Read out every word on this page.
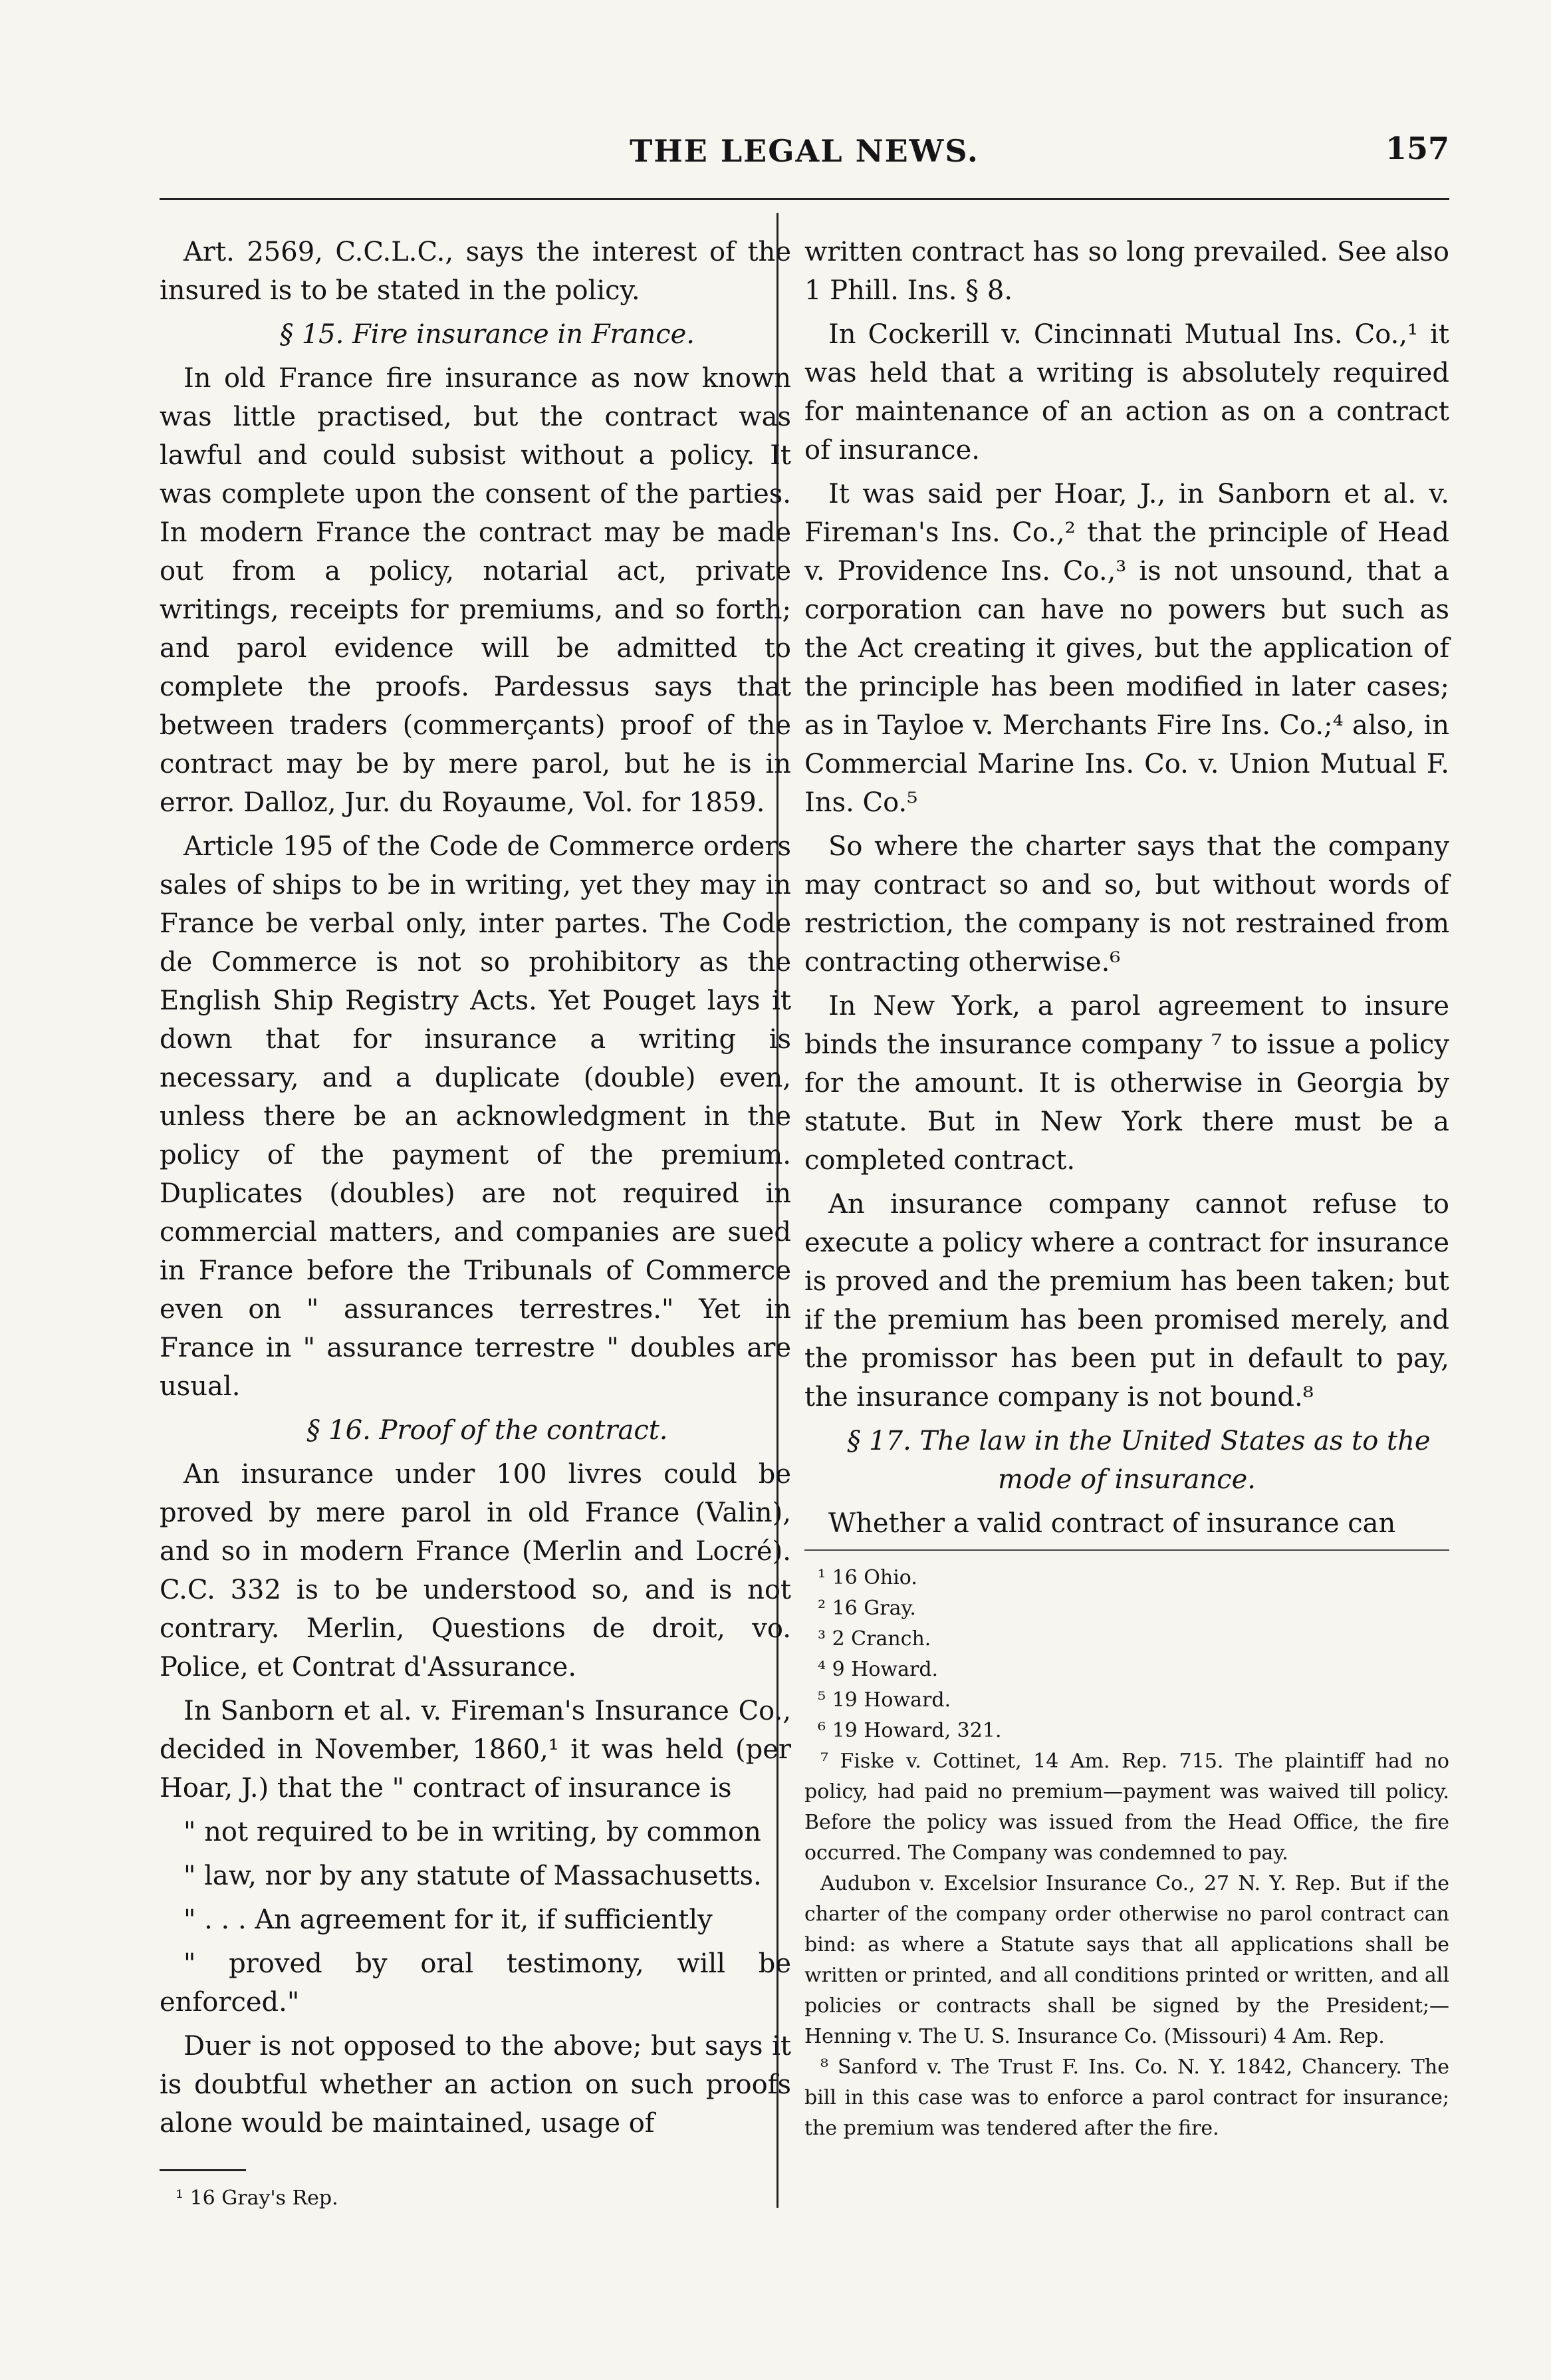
THE LEGAL NEWS.	157

Art. 2569, C.C.L.C., says the interest of the insured is to be stated in the policy.

§ 15. Fire insurance in France.

In old France fire insurance as now known was little practised, but the contract was lawful and could subsist without a policy. It was complete upon the consent of the parties. In modern France the contract may be made out from a policy, notarial act, private writings, receipts for premiums, and so forth; and parol evidence will be admitted to complete the proofs. Pardessus says that between traders (commerçants) proof of the contract may be by mere parol, but he is in error. Dalloz, Jur. du Royaume, Vol. for 1859.

Article 195 of the Code de Commerce orders sales of ships to be in writing, yet they may in France be verbal only, inter partes. The Code de Commerce is not so prohibitory as the English Ship Registry Acts. Yet Pouget lays it down that for insurance a writing is necessary, and a duplicate (double) even, unless there be an acknowledgment in the policy of the payment of the premium. Duplicates (doubles) are not required in commercial matters, and companies are sued in France before the Tribunals of Commerce even on " assurances terrestres." Yet in France in " assurance terrestre " doubles are usual.

§ 16. Proof of the contract.

An insurance under 100 livres could be proved by mere parol in old France (Valin), and so in modern France (Merlin and Locré). C.C. 332 is to be understood so, and is not contrary. Merlin, Questions de droit, vo. Police, et Contrat d'Assurance.

In Sanborn et al. v. Fireman's Insurance Co., decided in November, 1860,¹ it was held (per Hoar, J.) that the " contract of insurance is

" not required to be in writing, by common

" law, nor by any statute of Massachusetts.

" . . . An agreement for it, if sufficiently

" proved by oral testimony, will be enforced."

Duer is not opposed to the above; but says it is doubtful whether an action on such proofs alone would be maintained, usage of

¹ 16 Gray's Rep.

written contract has so long prevailed. See also 1 Phill. Ins. § 8.

In Cockerill v. Cincinnati Mutual Ins. Co.,¹ it was held that a writing is absolutely required for maintenance of an action as on a contract of insurance.

It was said per Hoar, J., in Sanborn et al. v. Fireman's Ins. Co.,² that the principle of Head v. Providence Ins. Co.,³ is not unsound, that a corporation can have no powers but such as the Act creating it gives, but the application of the principle has been modified in later cases; as in Tayloe v. Merchants Fire Ins. Co.;⁴ also, in Commercial Marine Ins. Co. v. Union Mutual F. Ins. Co.⁵

So where the charter says that the company may contract so and so, but without words of restriction, the company is not restrained from contracting otherwise.⁶

In New York, a parol agreement to insure binds the insurance company ⁷ to issue a policy for the amount. It is otherwise in Georgia by statute. But in New York there must be a completed contract.

An insurance company cannot refuse to execute a policy where a contract for insurance is proved and the premium has been taken; but if the premium has been promised merely, and the promissor has been put in default to pay, the insurance company is not bound.⁸

§ 17. The law in the United States as to the mode of insurance.

Whether a valid contract of insurance can

¹ 16 Ohio.

² 16 Gray.

³ 2 Cranch.

⁴ 9 Howard.

⁵ 19 Howard.

⁶ 19 Howard, 321.

⁷ Fiske v. Cottinet, 14 Am. Rep. 715. The plaintiff had no policy, had paid no premium—payment was waived till policy. Before the policy was issued from the Head Office, the fire occurred. The Company was condemned to pay.

Audubon v. Excelsior Insurance Co., 27 N. Y. Rep. But if the charter of the company order otherwise no parol contract can bind: as where a Statute says that all applications shall be written or printed, and all conditions printed or written, and all policies or contracts shall be signed by the President;—Henning v. The U. S. Insurance Co. (Missouri) 4 Am. Rep.

⁸ Sanford v. The Trust F. Ins. Co. N. Y. 1842, Chancery. The bill in this case was to enforce a parol contract for insurance; the premium was tendered after the fire.
